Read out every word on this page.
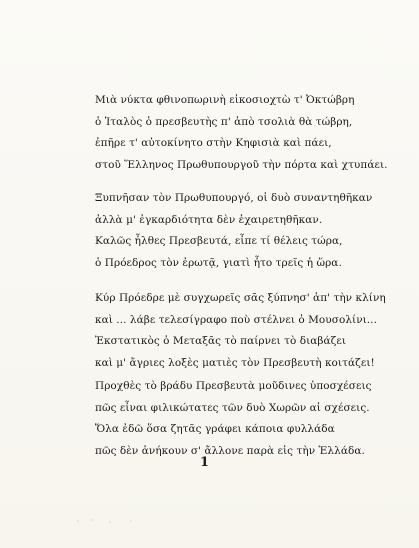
Μιὰ νύκτα φθινοπωρινὴ εἰκοσιοχτὼ τ' Ὀκτώβρη
ὁ Ἰταλὸς ὁ πρεσβευτὴς π' ἀπὸ τσολιὰ θὰ τώβρη,
ἐπῆρε τ' αὐτοκίνητο στὴν Κηφισιὰ καὶ πάει,
στοῦ Ἕλληνος Πρωθυπουργοῦ τὴν πόρτα καὶ χτυπάει.
Ξυπνῆσαν τὸν Πρωθυπουργό, οἱ δυὸ συναντηθῆκαν
ἀλλὰ μ' ἐγκαρδιότητα δὲν ἐχαιρετηθῆκαν.
Καλῶς ἦλθες Πρεσβευτά, εἶπε τί θέλεις τώρα,
ὁ Πρόεδρος τὸν ἐρωτᾷ, γιατὶ ἦτο τρεῖς ἡ ὥρα.
Κύρ Πρόεδρε μὲ συγχωρεῖς σᾶς ξύπνησ' ἀπ' τὴν κλίνη
καὶ ... λάβε τελεσίγραφο ποὺ στέλνει ὁ Μουσολίνι...
Ἐκστατικὸς ὁ Μεταξᾶς τὸ παίρνει τὸ διαβάζει
καὶ μ' ἄγριες λοξὲς ματιὲς τὸν Πρεσβευτὴ κοιτάζει!
Προχθὲς τὸ βράδυ Πρεσβευτὰ μοῦδινες ὑποσχέσεις
πῶς εἶναι φιλικώτατες τῶν δυὸ Χωρῶν αἱ σχέσεις.
Ὅλα ἐδῶ ὅσα ζητᾶς γράφει κάποια φυλλάδα
πῶς δὲν ἀνήκουν σ' ἄλλονε παρὰ εἰς τὴν Ἑλλάδα.
1
